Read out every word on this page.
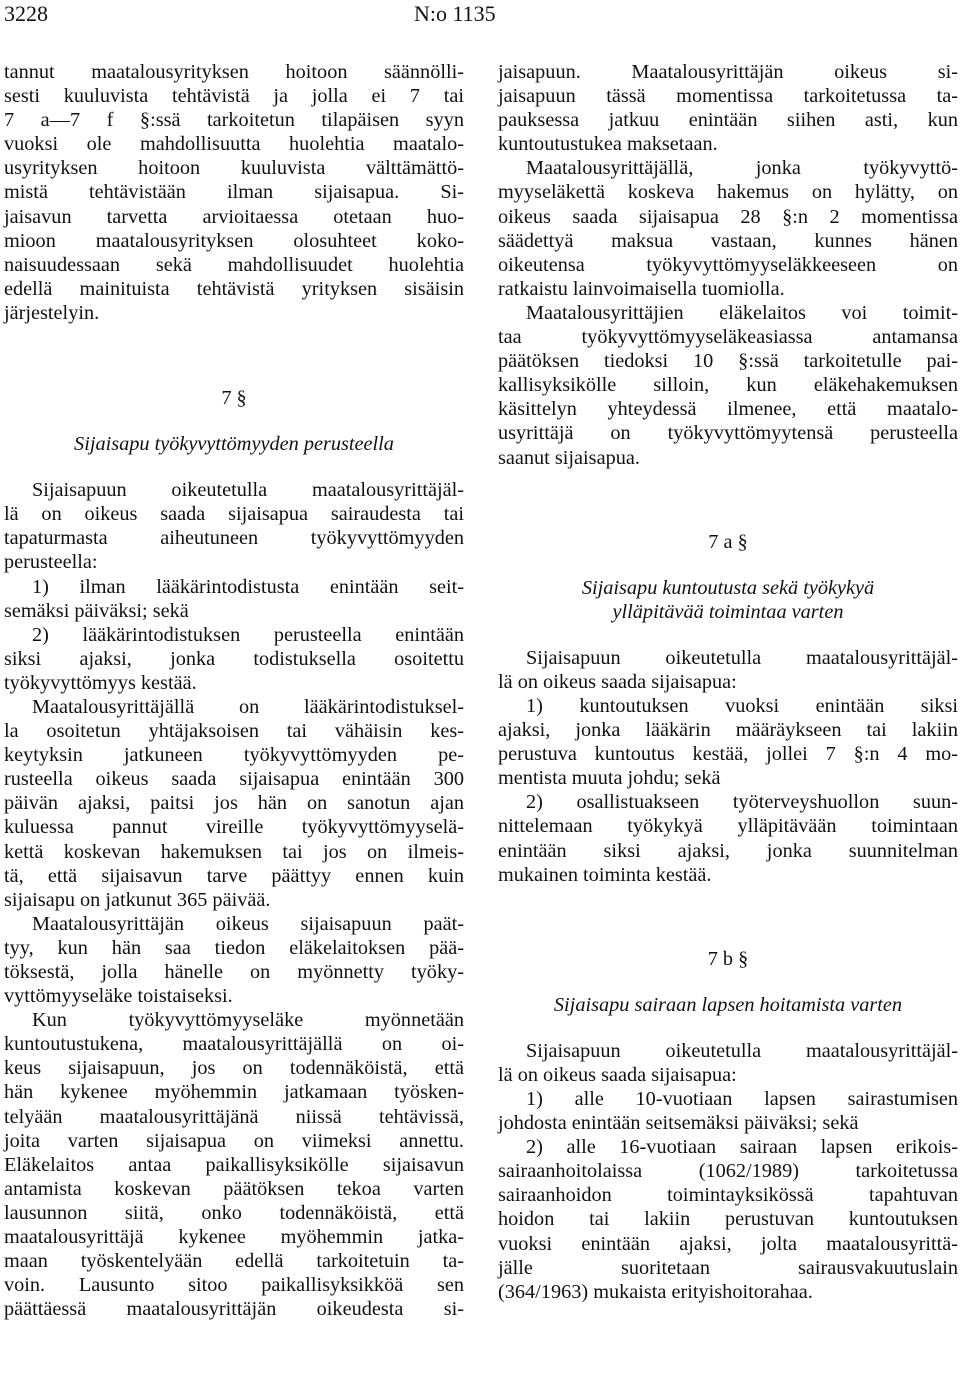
3228	N:o 1135

tannut maatalousyrityksen hoitoon säännölli-
sesti kuuluvista tehtävistä ja jolla ei 7 tai
7 a—7 f §:ssä tarkoitetun tilapäisen syyn
vuoksi ole mahdollisuutta huolehtia maatalo-
usyrityksen hoitoon kuuluvista välttämättö-
mistä tehtävistään ilman sijaisapua. Si-
jaisavun tarvetta arvioitaessa otetaan huo-
mioon maatalousyrityksen olosuhteet koko-
naisuudessaan sekä mahdollisuudet huolehtia
edellä mainituista tehtävistä yrityksen sisäisin
järjestelyin.

7 §
Sijaisapu työkyvyttömyyden perusteella

Sijaisapuun oikeutetulla maatalousyrittäjäl-
lä on oikeus saada sijaisapua sairaudesta tai
tapaturmasta aiheutuneen työkyvyttömyyden
perusteella:

1) ilman lääkärintodistusta enintään seit-
semäksi päiväksi; sekä

2) lääkärintodistuksen perusteella enintään
siksi ajaksi, jonka todistuksella osoitettu
työkyvyttömyys kestää.

Maatalousyrittäjällä on lääkärintodistuksel-
la osoitetun yhtäjaksoisen tai vähäisin kes-
keytyksin jatkuneen työkyvyttömyyden pe-
rusteella oikeus saada sijaisapua enintään 300
päivän ajaksi, paitsi jos hän on sanotun ajan
kuluessa pannut vireille työkyvyttömyyselä-
kettä koskevan hakemuksen tai jos on ilmeis-
tä, että sijaisavun tarve päättyy ennen kuin
sijaisapu on jatkunut 365 päivää.

Maatalousyrittäjän oikeus sijaisapuun paät-
tyy, kun hän saa tiedon eläkelaitoksen pää-
töksestä, jolla hänelle on myönnetty työky-
vyttömyyseläke toistaiseksi.

Kun työkyvyttömyyseläke myönnetään
kuntoutustukena, maatalousyrittäjällä on oi-
keus sijaisapuun, jos on todennäköistä, että
hän kykenee myöhemmin jatkamaan työsken-
telyään maatalousyrittäjänä niissä tehtävissä,
joita varten sijaisapua on viimeksi annettu.
Eläkelaitos antaa paikallisyksikölle sijaisavun
antamista koskevan päätöksen tekoa varten
lausunnon siitä, onko todennäköistä, että
maatalousyrittäjä kykenee myöhemmin jatka-
maan työskentelyään edellä tarkoitetuin ta-
voin. Lausunto sitoo paikallisyksikköä sen
päättäessä maatalousyrittäjän oikeudesta si-

jaisapuun. Maatalousyrittäjän oikeus si-
jaisapuun tässä momentissa tarkoitetussa ta-
pauksessa jatkuu enintään siihen asti, kun
kuntoutustukea maksetaan.

Maatalousyrittäjällä, jonka työkyvyttö-
myyseläkettä koskeva hakemus on hylätty, on
oikeus saada sijaisapua 28 §:n 2 momentissa
säädettyä maksua vastaan, kunnes hänen
oikeutensa työkyvyttömyyseläkkeeseen on
ratkaistu lainvoimaisella tuomiolla.

Maatalousyrittäjien eläkelaitos voi toimit-
taa työkyvyttömyyseläkeasiassa antamansa
päätöksen tiedoksi 10 §:ssä tarkoitetulle pai-
kallisyksikölle silloin, kun eläkehakemuksen
käsittelyn yhteydessä ilmenee, että maatalo-
usyrittäjä on työkyvyttömyytensä perusteella
saanut sijaisapua.

7 a §
Sijaisapu kuntoutusta sekä työkykyä
ylläpitävää toimintaa varten

Sijaisapuun oikeutetulla maatalousyrittäjäl-
lä on oikeus saada sijaisapua:

1) kuntoutuksen vuoksi enintään siksi
ajaksi, jonka lääkärin määräykseen tai lakiin
perustuva kuntoutus kestää, jollei 7 §:n 4 mo-
mentista muuta johdu; sekä

2) osallistuakseen työterveyshuollon suun-
nittelemaan työkykyä ylläpitävään toimintaan
enintään siksi ajaksi, jonka suunnitelman
mukainen toiminta kestää.

7 b §
Sijaisapu sairaan lapsen hoitamista varten

Sijaisapuun oikeutetulla maatalousyrittäjäl-
lä on oikeus saada sijaisapua:

1) alle 10-vuotiaan lapsen sairastumisen
johdosta enintään seitsemäksi päiväksi; sekä

2) alle 16-vuotiaan sairaan lapsen erikois-
sairaanhoitolaissa (1062/1989) tarkoitetussa
sairaanhoidon toimintayksikössä tapahtuvan
hoidon tai lakiin perustuvan kuntoutuksen
vuoksi enintään ajaksi, jolta maatalousyrittä-
jälle suoritetaan sairausvakuutuslain
(364/1963) mukaista erityishoitorahaa.
